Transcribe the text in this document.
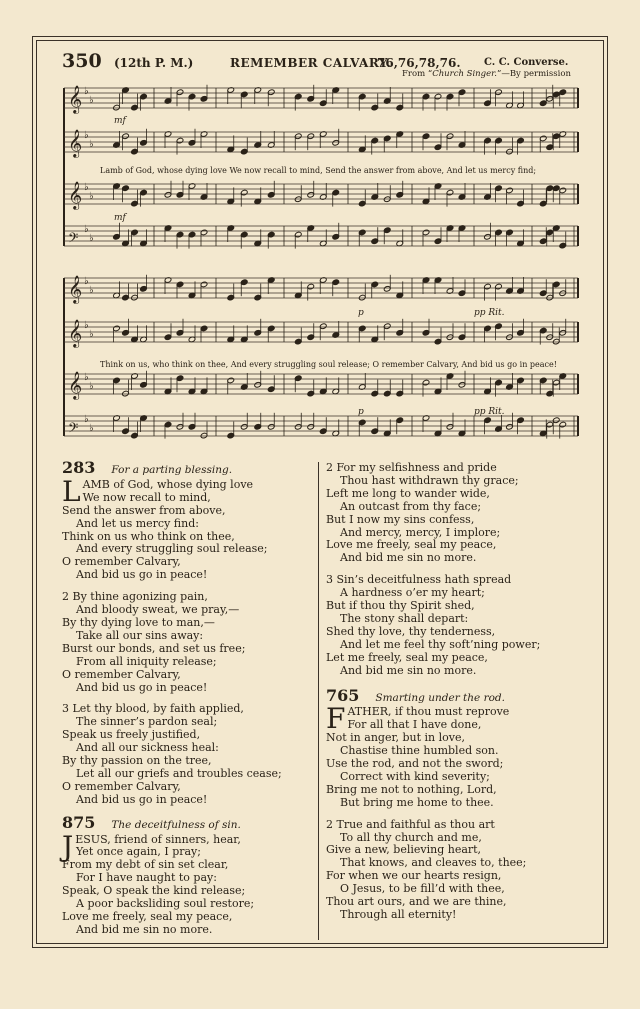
350 (12th P. M.)	REMEMBER CALVARY.
76,76,78,76. C. C. Converse.
From “Church Singer.”—By permission
𝄞 ♭
♭
𝄞 ♭
♭
𝄞 ♭
♭
𝄢
♭
♭
mf
mf
Lamb of God, whose dying love We now recall to mind, Send the answer from above, And let us mercy find;
𝄞 ♭
♭
𝄞 ♭
♭
𝄞 ♭
♭
𝄢
♭
♭
p	pp Rit.
p	pp Rit.
Think on us, who think on thee, And every struggling soul release; O remember Calvary, And bid us go in peace!
283 For a parting blessing.
L AMB of God, whose dying love
We now recall to mind,
Send the answer from above,
And let us mercy find:
Think on us who think on thee,
And every struggling soul release;
O remember Calvary,
And bid us go in peace!
2 By thine agonizing pain,
And bloody sweat, we pray,—
By thy dying love to man,—
Take all our sins away:
Burst our bonds, and set us free;
From all iniquity release;
O remember Calvary,
And bid us go in peace!
3 Let thy blood, by faith applied,
The sinner’s pardon seal;
Speak us freely justified,
And all our sickness heal:
By thy passion on the tree,
Let all our griefs and troubles cease;
O remember Calvary,
And bid us go in peace!
875 The deceitfulness of sin.
J ESUS, friend of sinners, hear,
Yet once again, I pray;
From my debt of sin set clear,
For I have naught to pay:
Speak, O speak the kind release;
A poor backsliding soul restore;
Love me freely, seal my peace,
And bid me sin no more.
2 For my selfishness and pride
Thou hast withdrawn thy grace;
Left me long to wander wide,
An outcast from thy face;
But I now my sins confess,
And mercy, mercy, I implore;
Love me freely, seal my peace,
And bid me sin no more.
3 Sin’s deceitfulness hath spread
A hardness o’er my heart;
But if thou thy Spirit shed,
The stony shall depart:
Shed thy love, thy tenderness,
And let me feel thy soft’ning power;
Let me freely, seal my peace,
And bid me sin no more.
765 Smarting under the rod.
F ATHER, if thou must reprove
For all that I have done,
Not in anger, but in love,
Chastise thine humbled son.
Use the rod, and not the sword;
Correct with kind severity;
Bring me not to nothing, Lord,
But bring me home to thee.
2 True and faithful as thou art
To all thy church and me,
Give a new, believing heart,
That knows, and cleaves to, thee;
For when we our hearts resign,
O Jesus, to be fill’d with thee,
Thou art ours, and we are thine,
Through all eternity!
